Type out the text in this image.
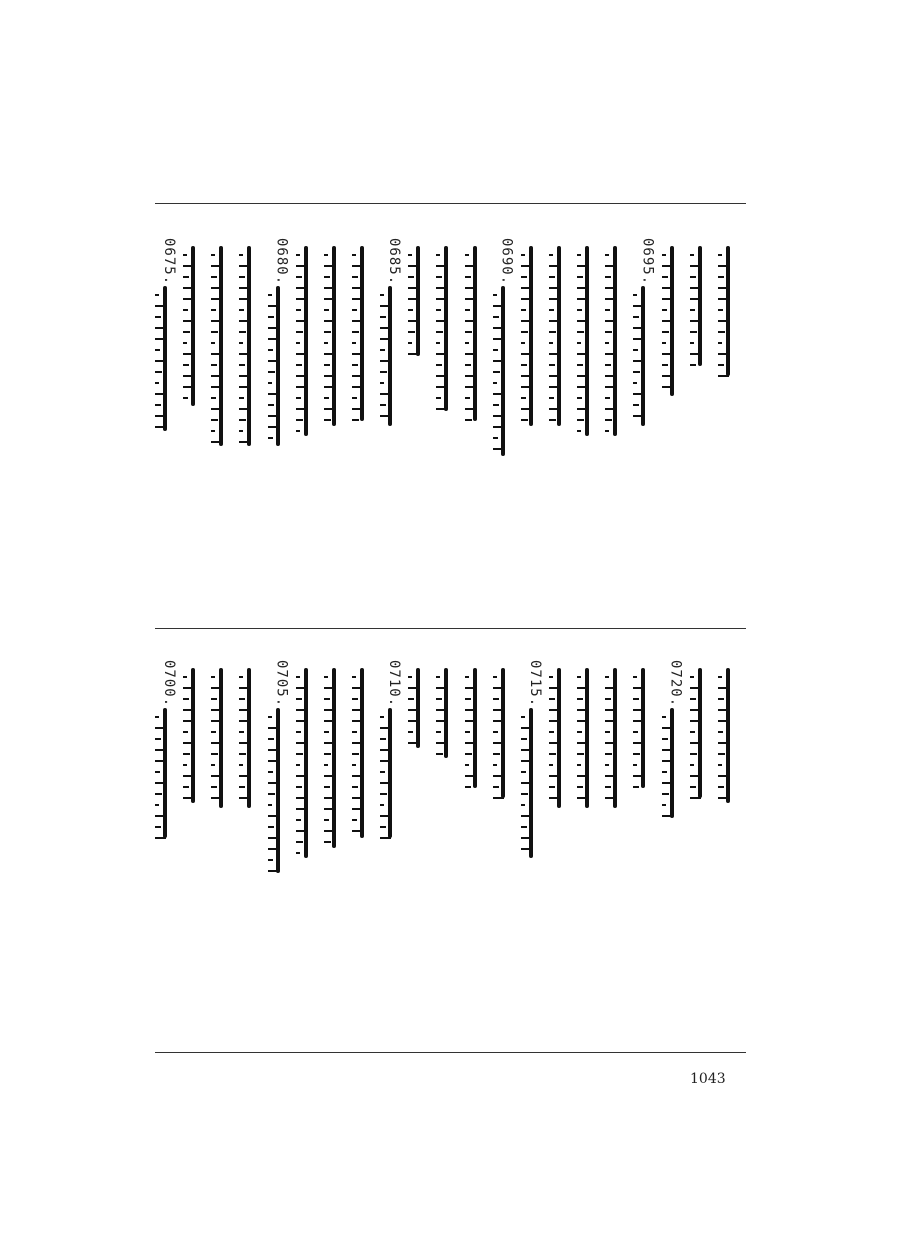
0695.
0690.
0685.
0680.
0675.
0720.
0715.
0710.
0705.
0700.
1043
